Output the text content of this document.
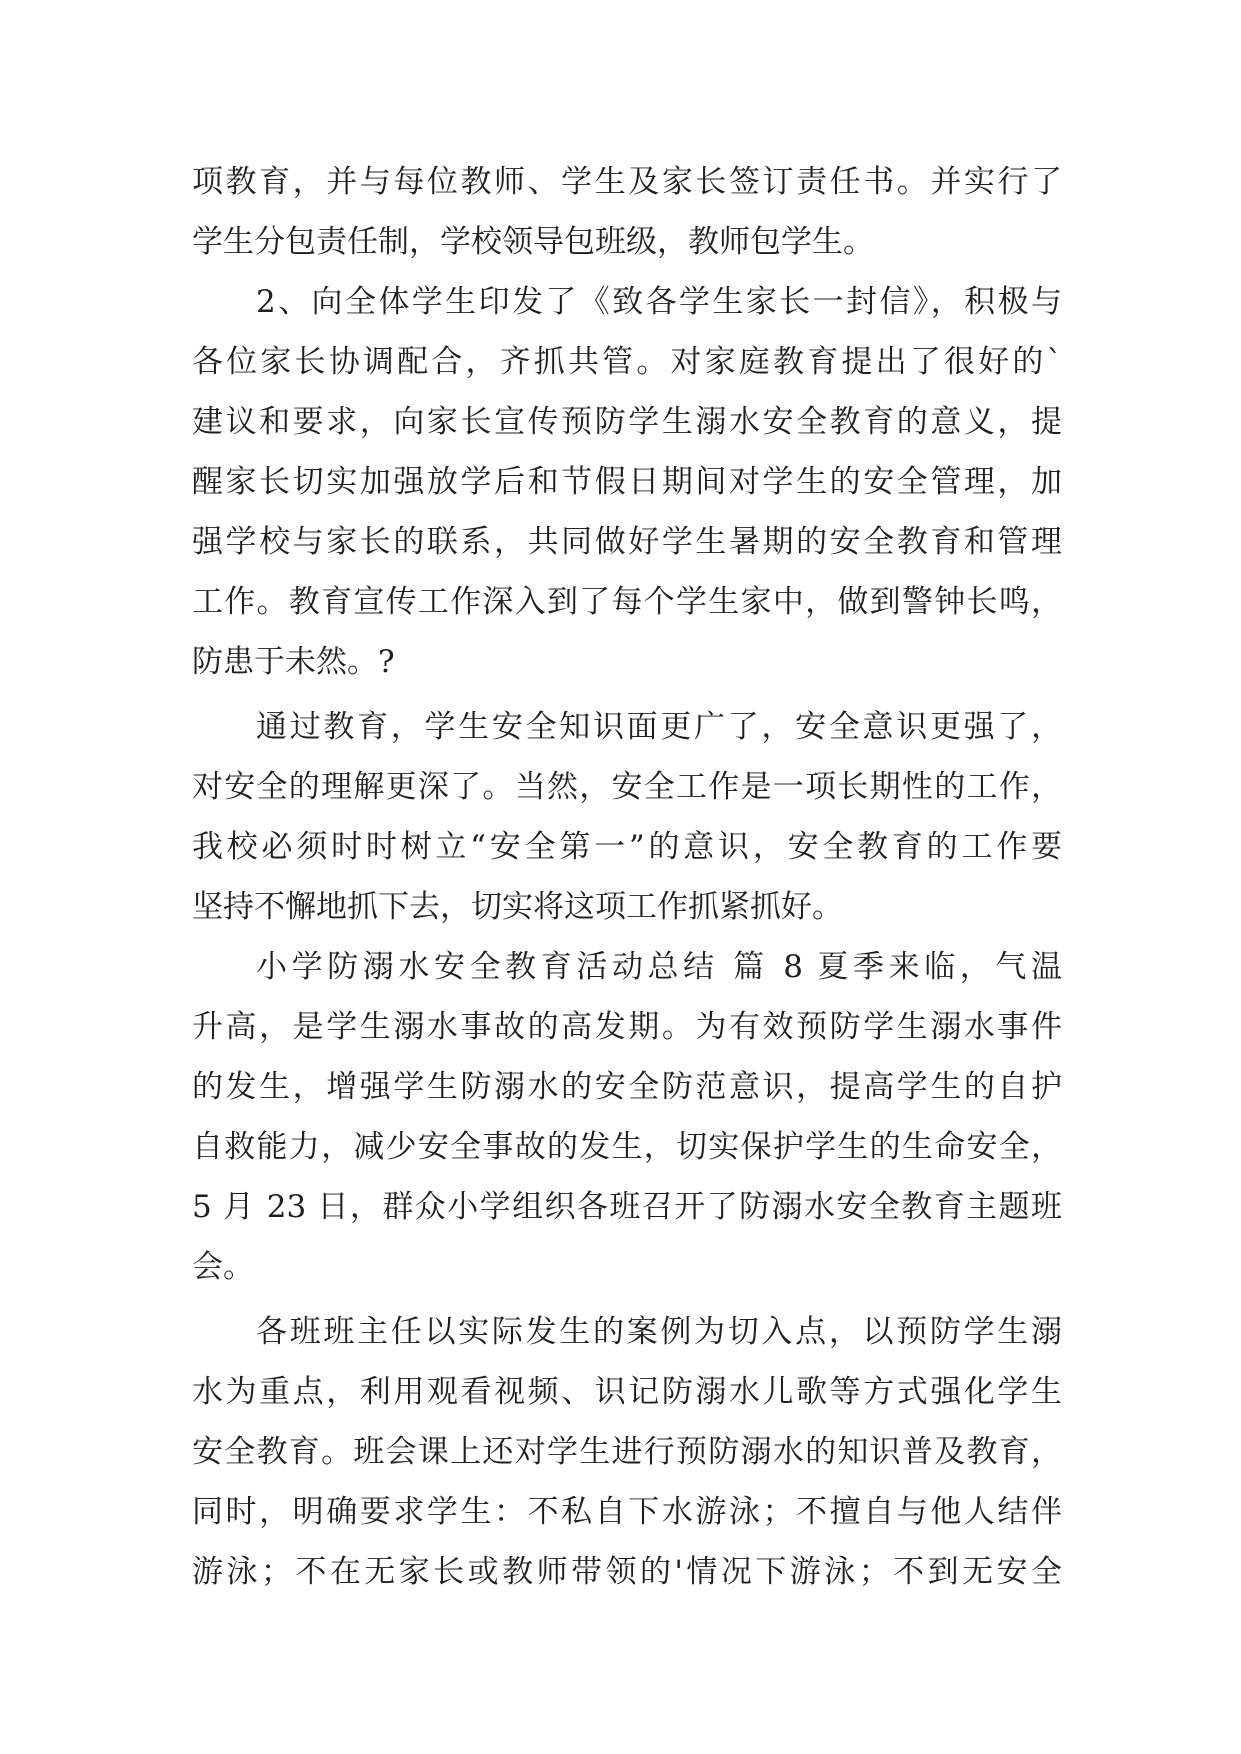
项教育，并与每位教师、学生及家长签订责任书。并实行了
学生分包责任制，学校领导包班级，教师包学生。
2、向全体学生印发了《致各学生家长一封信》，积极与
各位家长协调配合，齐抓共管。对家庭教育提出了很好的`
建议和要求，向家长宣传预防学生溺水安全教育的意义，提
醒家长切实加强放学后和节假日期间对学生的安全管理，加
强学校与家长的联系，共同做好学生暑期的安全教育和管理
工作。教育宣传工作深入到了每个学生家中，做到警钟长鸣，
防患于未然。?
通过教育，学生安全知识面更广了，安全意识更强了，
对安全的理解更深了。当然，安全工作是一项长期性的工作，
我校必须时时树立“安全第一”的意识，安全教育的工作要
坚持不懈地抓下去，切实将这项工作抓紧抓好。
小学防溺水安全教育活动总结 篇 8 夏季来临，气温
升高，是学生溺水事故的高发期。为有效预防学生溺水事件
的发生，增强学生防溺水的安全防范意识，提高学生的自护
自救能力，减少安全事故的发生，切实保护学生的生命安全，
5 月 23 日，群众小学组织各班召开了防溺水安全教育主题班
会。
各班班主任以实际发生的案例为切入点，以预防学生溺
水为重点，利用观看视频、识记防溺水儿歌等方式强化学生
安全教育。班会课上还对学生进行预防溺水的知识普及教育，
同时，明确要求学生：不私自下水游泳；不擅自与他人结伴
游泳；不在无家长或教师带领的'情况下游泳；不到无安全
